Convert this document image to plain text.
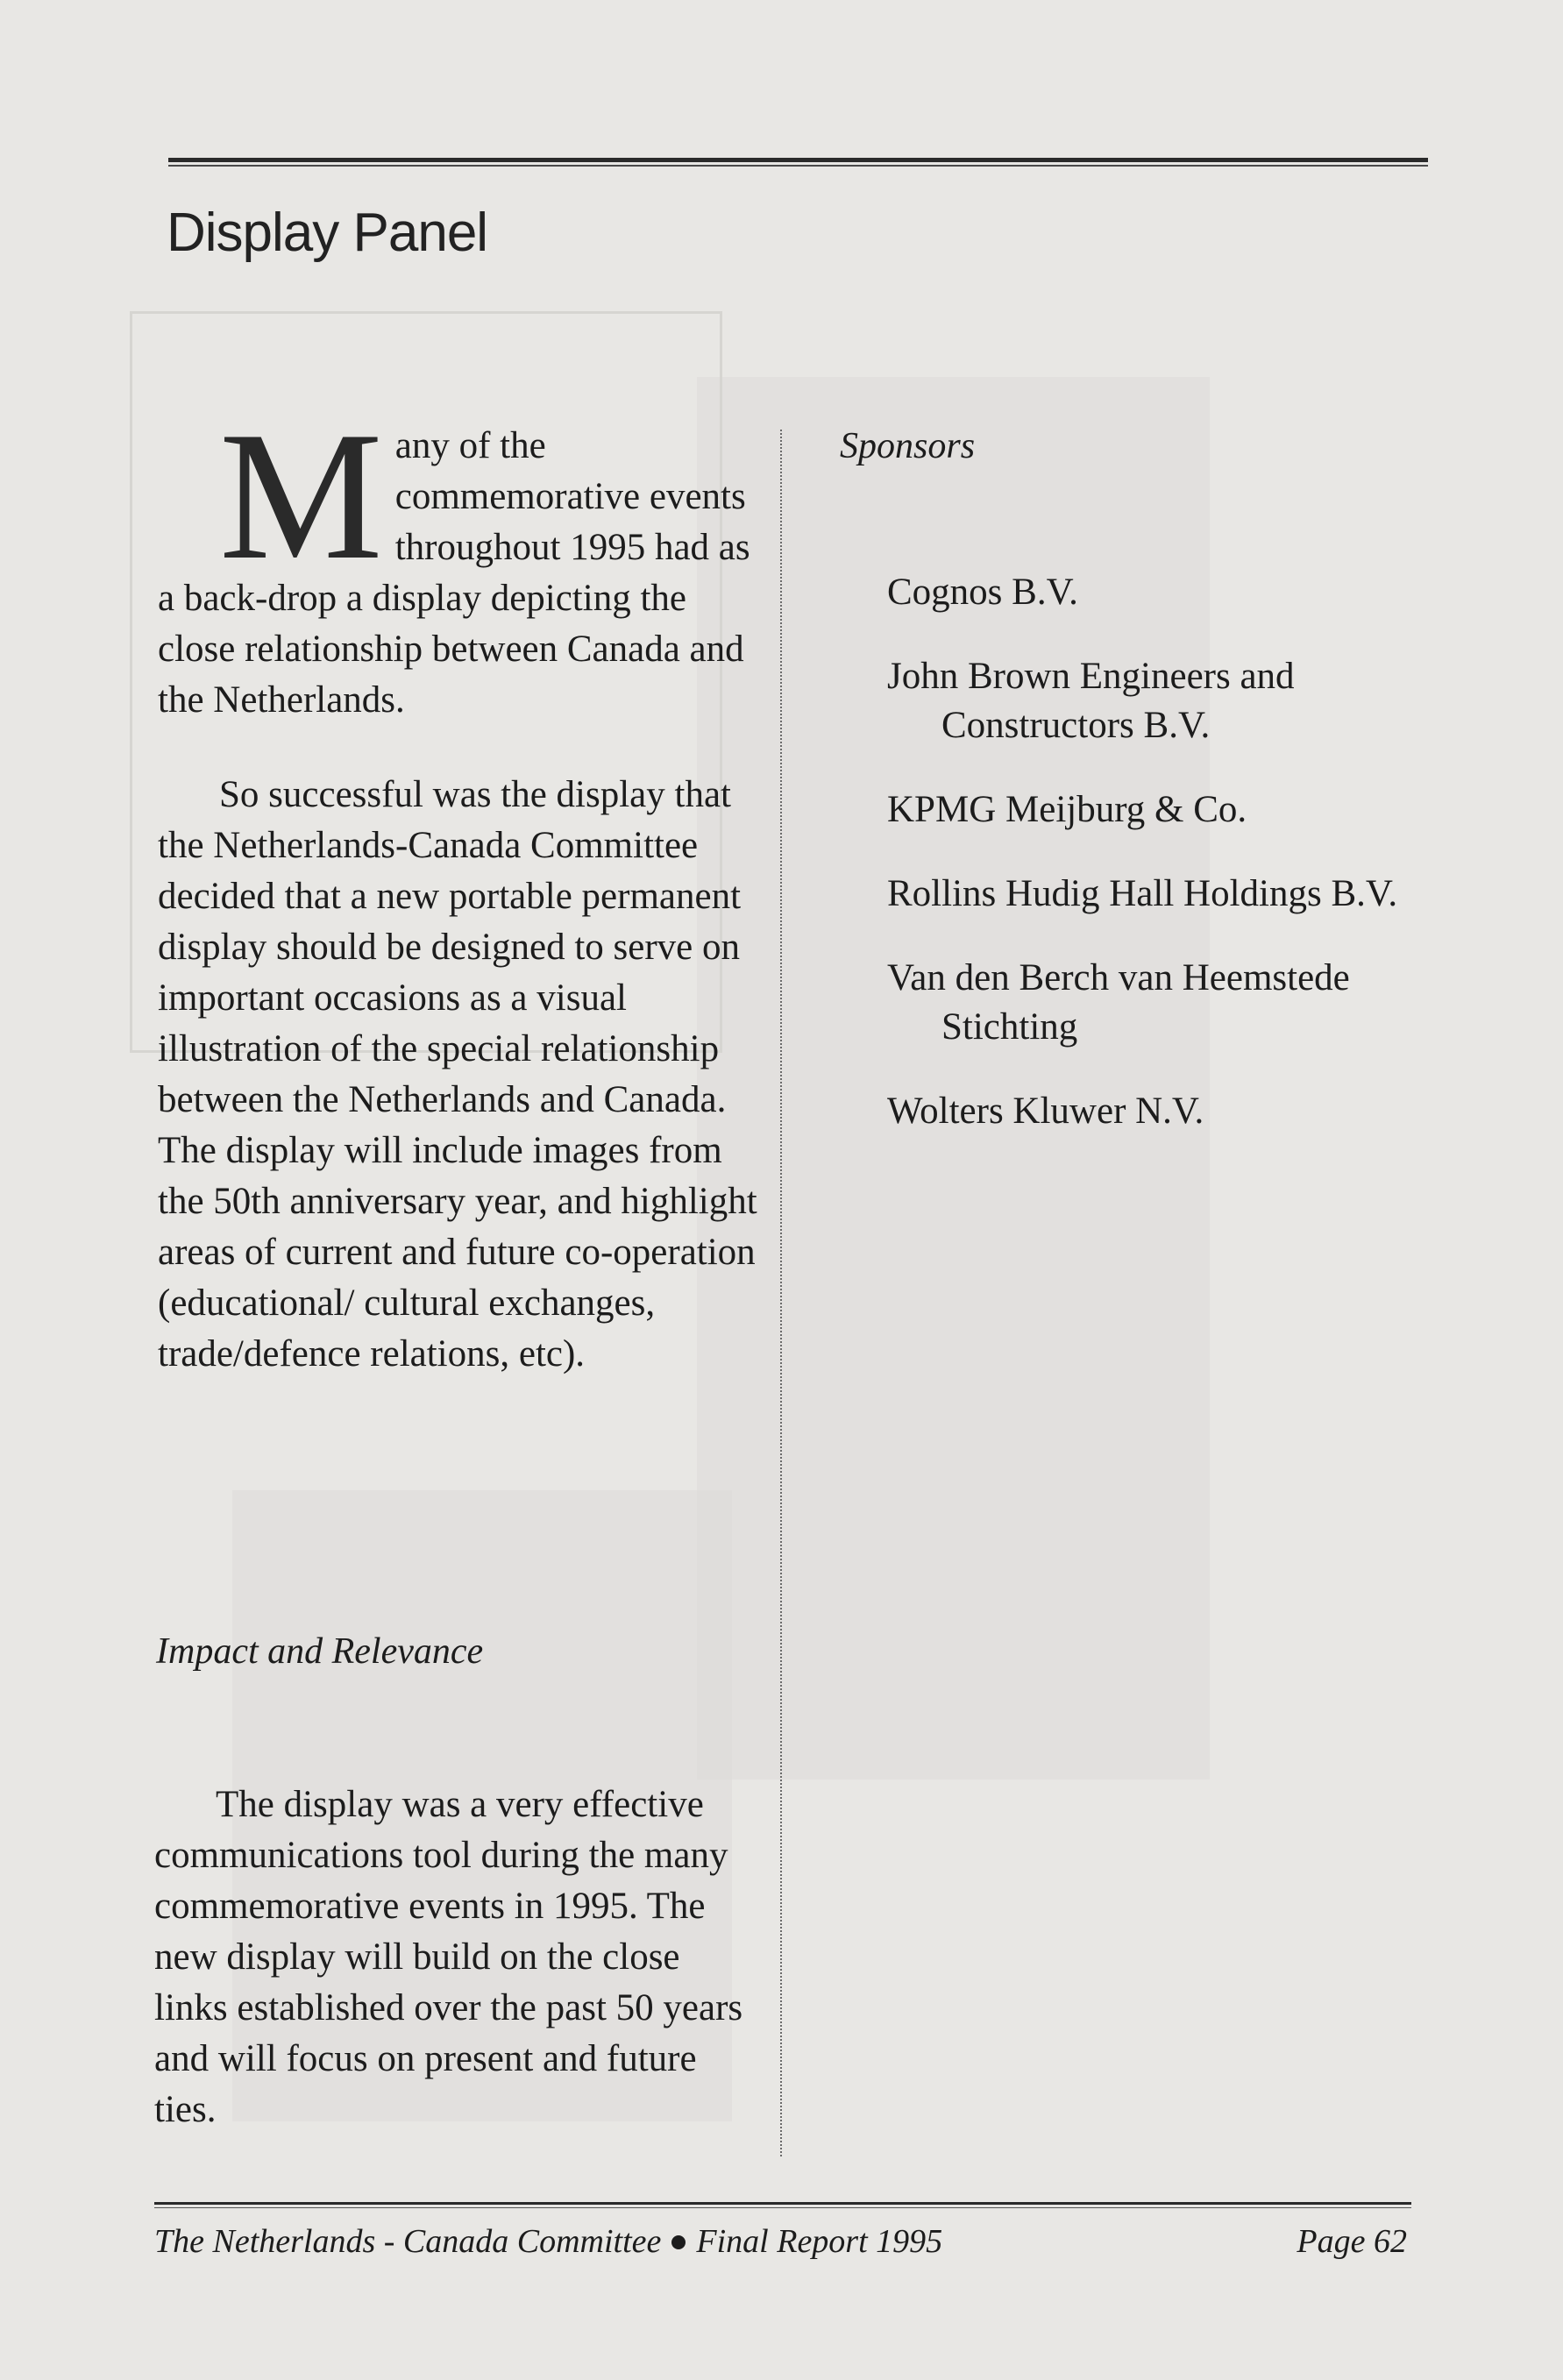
Display Panel

Many of the commemorative events throughout 1995 had as a back-drop a display depicting the close relationship between Canada and the Netherlands.

So successful was the display that the Netherlands-Canada Committee decided that a new portable permanent display should be designed to serve on important occasions as a visual illustration of the special relationship between the Netherlands and Canada. The display will include images from the 50th anniversary year, and highlight areas of current and future co-operation (educational/ cultural exchanges, trade/defence relations, etc).

Impact and Relevance

The display was a very effective communications tool during the many commemorative events in 1995. The new display will build on the close links established over the past 50 years and will focus on present and future ties.

Sponsors
Cognos B.V.
John Brown Engineers and Constructors B.V.
KPMG Meijburg & Co.
Rollins Hudig Hall Holdings B.V.
Van den Berch van Heemstede Stichting
Wolters Kluwer N.V.
The Netherlands - Canada Committee Final Report 1995	Page 62
